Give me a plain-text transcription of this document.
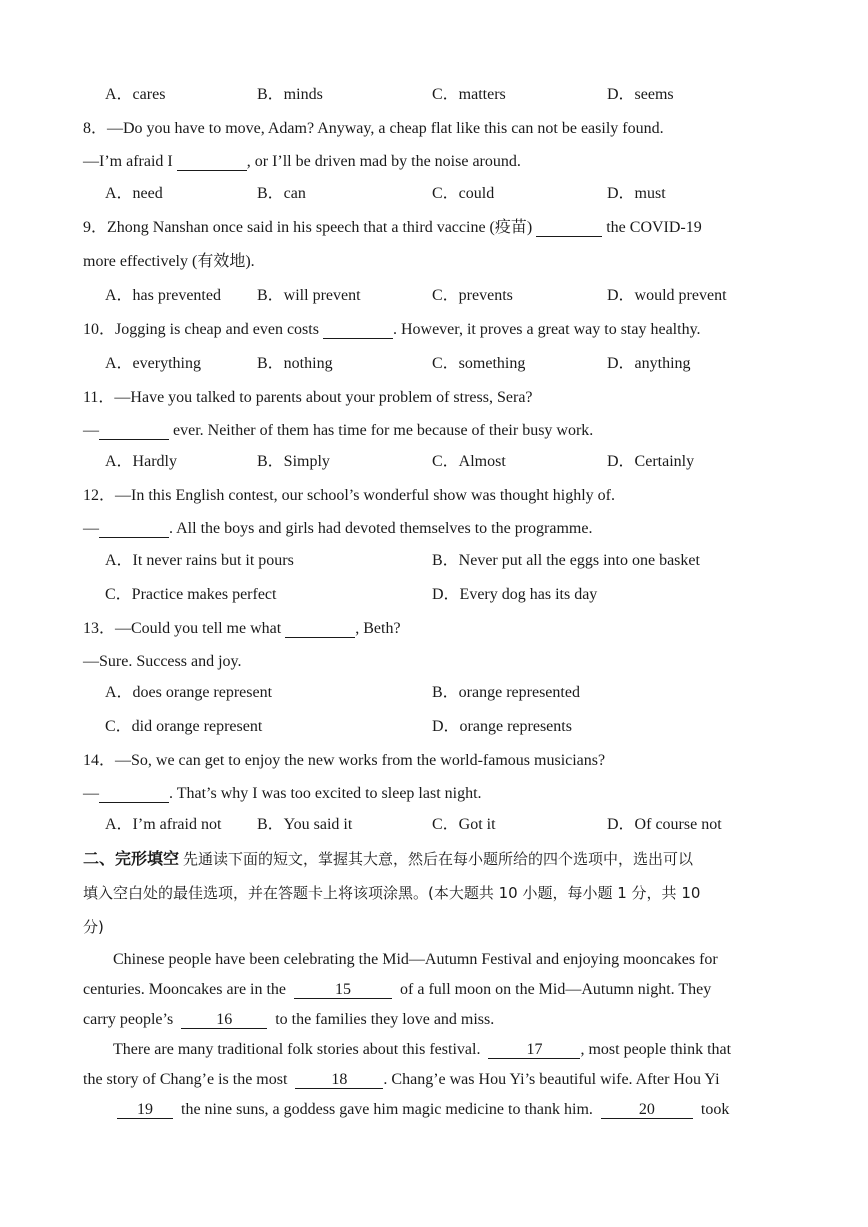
A．cares	B．minds	C．matters	D．seems
8．—Do you have to move, Adam? Anyway, a cheap flat like this can not be easily found.
—I’m afraid I	, or I’ll be driven mad by the noise around.
A．need	B．can	C．could	D．must
9．Zhong Nanshan once said in his speech that a third vaccine (疫苗)	the COVID-19
more effectively (有效地).
A．has prevented B．will prevent	C．prevents	D．would prevent
10．Jogging is cheap and even costs	. However, it proves a great way to stay healthy.
A．everything	B．nothing	C．something	D．anything
11．—Have you talked to parents about your problem of stress, Sera?
—	ever. Neither of them has time for me because of their busy work.
A．Hardly	B．Simply	C．Almost	D．Certainly
12．—In this English contest, our school’s wonderful show was thought highly of.
—	. All the boys and girls had devoted themselves to the programme.
A．It never rains but it pours	B．Never put all the eggs into one basket
C．Practice makes perfect	D．Every dog has its day
13．—Could you tell me what	, Beth?
—Sure. Success and joy.
A．does orange represent	B．orange represented
C．did orange represent	D．orange represents
14．—So, we can get to enjoy the new works from the world-famous musicians?
—	. That’s why I was too excited to sleep last night.
A．I’m afraid not B．You said it	C．Got it	D．Of course not
二、完形填空 先通读下面的短文，掌握其大意，然后在每小题所给的四个选项中，选出可以
填入空白处的最佳选项，并在答题卡上将该项涂黑。(本大题共 10 小题，每小题 1 分，共 10
分)
Chinese people have been celebrating the Mid—Autumn Festival and enjoying mooncakes for
centuries. Mooncakes are in the	15	of a full moon on the Mid—Autumn night. They
carry people’s	16	to the families they love and miss.
There are many traditional folk stories about this festival.	17 , most people think that
the story of Chang’e is the most	18 . Chang’e was Hou Yi’s beautiful wife. After Hou Yi
19 the nine suns, a goddess gave him magic medicine to thank him.	20	took
